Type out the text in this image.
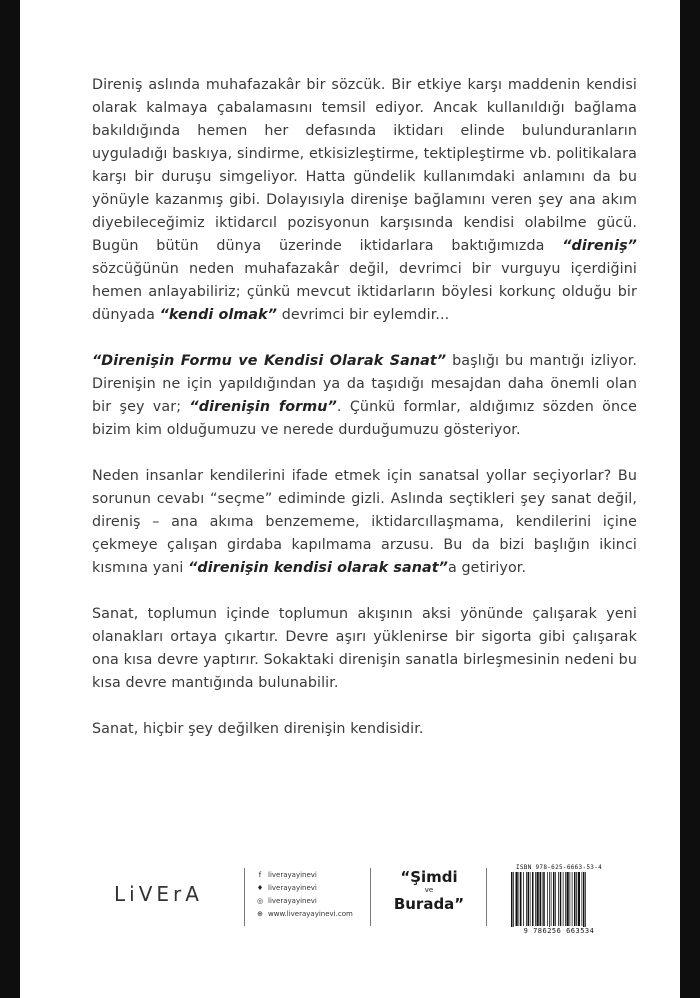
Direniş aslında muhafazakâr bir sözcük. Bir etkiye karşı maddenin kendisi olarak kalmaya çabalamasını temsil ediyor. Ancak kullanıldığı bağlama bakıldığında hemen her defasında iktidarı elinde bulunduranların uyguladığı baskıya, sindirme, etkisizleştirme, tektipleştirme vb. politikalara karşı bir duruşu simgeliyor. Hatta gündelik kullanımdaki anlamını da bu yönüyle kazanmış gibi. Dolayısıyla direnişe bağlamını veren şey ana akım diyebileceğimiz iktidarcıl pozisyonun karşısında kendisi olabilme gücü. Bugün bütün dünya üzerinde iktidarlara baktığımızda “direniş” sözcüğünün neden muhafazakâr değil, devrimci bir vurguyu içerdiğini hemen anlayabiliriz; çünkü mevcut iktidarların böylesi korkunç olduğu bir dünyada “kendi olmak” devrimci bir eylemdir...

“Direnişin Formu ve Kendisi Olarak Sanat” başlığı bu mantığı izliyor. Direnişin ne için yapıldığından ya da taşıdığı mesajdan daha önemli olan bir şey var; “direnişin formu”. Çünkü formlar, aldığımız sözden önce bizim kim olduğumuzu ve nerede durduğumuzu gösteriyor.

Neden insanlar kendilerini ifade etmek için sanatsal yollar seçiyorlar? Bu sorunun cevabı “seçme” ediminde gizli. Aslında seçtikleri şey sanat değil, direniş – ana akıma benzememe, iktidarcıllaşmama, kendilerini içine çekmeye çalışan girdaba kapılmama arzusu. Bu da bizi başlığın ikinci kısmına yani “direnişin kendisi olarak sanat”a getiriyor.

Sanat, toplumun içinde toplumun akışının aksi yönünde çalışarak yeni olanakları ortaya çıkartır. Devre aşırı yüklenirse bir sigorta gibi çalışarak ona kısa devre yaptırır. Sokaktaki direnişin sanatla birleşmesinin nedeni bu kısa devre mantığında bulunabilir.

Sanat, hiçbir şey değilken direnişin kendisidir.

LiVErA
f liverayayinevi
♦ liverayayinevi
◎ liverayayinevi
⊕ www.liverayayinevi.com
“Şimdi
ve
Burada”
ISBN 978-625-6663-53-4
9 786256 663534
